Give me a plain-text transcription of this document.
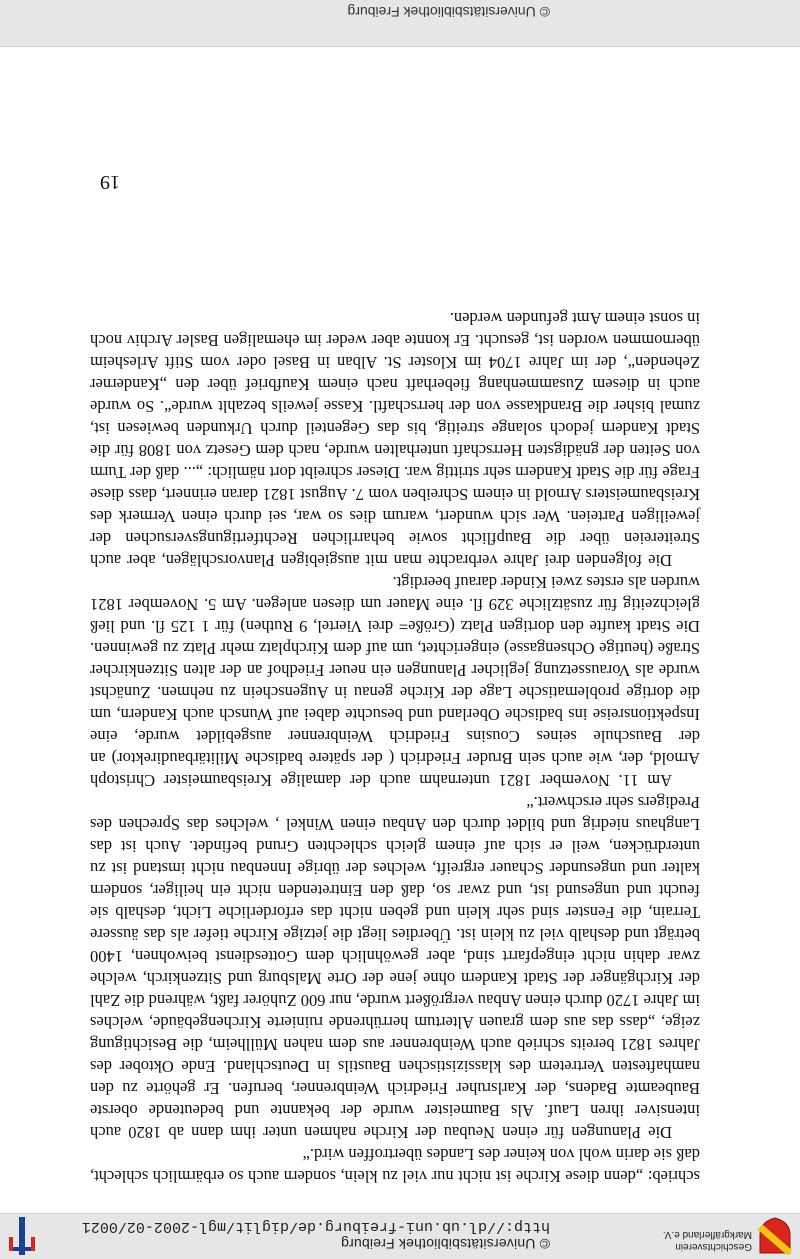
Geschichtsverein
Markgräflerland e.V.
© Universitätsbibliothek Freiburg
http://dl.ub.uni-freiburg.de/diglit/mgl-2002-02/0021

schrieb: „denn diese Kirche ist nicht nur viel zu klein, sondern auch so erbärmlich schlecht, daß sie darin wohl von keiner des Landes übertroffen wird.“

Die Planungen für einen Neubau der Kirche nahmen unter ihm dann ab 1820 auch intensiver ihren Lauf. Als Baumeister wurde der bekannte und bedeutende oberste Baubeamte Badens, der Karlsruher Friedrich Weinbrenner, berufen. Er gehörte zu den namhaftesten Vertretern des klassizistischen Baustils in Deutschland. Ende Oktober des Jahres 1821 bereits schrieb auch Weinbrenner aus dem nahen Müllheim, die Besichtigung zeige, „dass das aus dem grauen Altertum herrührende ruinierte Kirchengebäude, welches im Jahre 1720 durch einen Anbau vergrößert wurde, nur 600 Zuhörer faßt, während die Zahl der Kirchgänger der Stadt Kandern ohne jene der Orte Malsburg und Sitzenkirch, welche zwar dahin nicht eingepfarrt sind, aber gewöhnlich dem Gottesdienst beiwohnen, 1400 beträgt und deshalb viel zu klein ist. Überdies liegt die jetzige Kirche tiefer als das äussere Terrain, die Fenster sind sehr klein und geben nicht das erforderliche Licht, deshalb sie feucht und ungesund ist, und zwar so, daß den Eintretenden nicht ein heiliger, sondern kalter und ungesunder Schauer ergreift, welches der übrige Innenbau nicht imstand ist zu unterdrücken, weil er sich auf einem gleich schlechten Grund befindet. Auch ist das Langhaus niedrig und bildet durch den Anbau einen Winkel , welches das Sprechen des Predigers sehr erschwert.“

Am 11. November 1821 unternahm auch der damalige Kreisbaumeister Christoph Arnold, der, wie auch sein Bruder Friedrich ( der spätere badische Militärbaudirektor) an der Bauschule seines Cousins Friedrich Weinbrenner ausgebildet wurde, eine Inspektionsreise ins badische Oberland und besuchte dabei auf Wunsch auch Kandern, um die dortige problematische Lage der Kirche genau in Augenschein zu nehmen. Zunächst wurde als Voraussetzung jeglicher Planungen ein neuer Friedhof an der alten Sitzenkircher Straße (heutige Ochsengasse) eingerichtet, um auf dem Kirchplatz mehr Platz zu gewinnen. Die Stadt kaufte den dortigen Platz (Größe= drei Viertel, 9 Ruthen) für 1 125 fl. und ließ gleichzeitig für zusätzliche 329 fl. eine Mauer um diesen anlegen. Am 5. November 1821 wurden als erstes zwei Kinder darauf beerdigt.

Die folgenden drei Jahre verbrachte man mit ausgiebigen Planvorschlägen, aber auch Streitereien über die Baupflicht sowie beharrlichen Rechtfertigungsversuchen der jeweiligen Parteien. Wer sich wundert, warum dies so war, sei durch einen Vermerk des Kreisbaumeisters Arnold in einem Schreiben vom 7. August 1821 daran erinnert, dass diese Frage für die Stadt Kandern sehr strittig war. Dieser schreibt dort nämlich: „... daß der Turm von Seiten der gnädigsten Herrschaft unterhalten wurde, nach dem Gesetz von 1808 für die Stadt Kandern jedoch solange streitig, bis das Gegenteil durch Urkunden bewiesen ist, zumal bisher die Brandkasse von der herrschaftl. Kasse jeweils bezahlt wurde“. So wurde auch in diesem Zusammenhang fieberhaft nach einem Kaufbrief über den „Kanderner Zehenden“, der im Jahre 1704 im Kloster St. Alban in Basel oder vom Stift Arlesheim übernommen worden ist, gesucht. Er konnte aber weder im ehemaligen Basler Archiv noch in sonst einem Amt gefunden werden.

19
© Universitätsbibliothek Freiburg
